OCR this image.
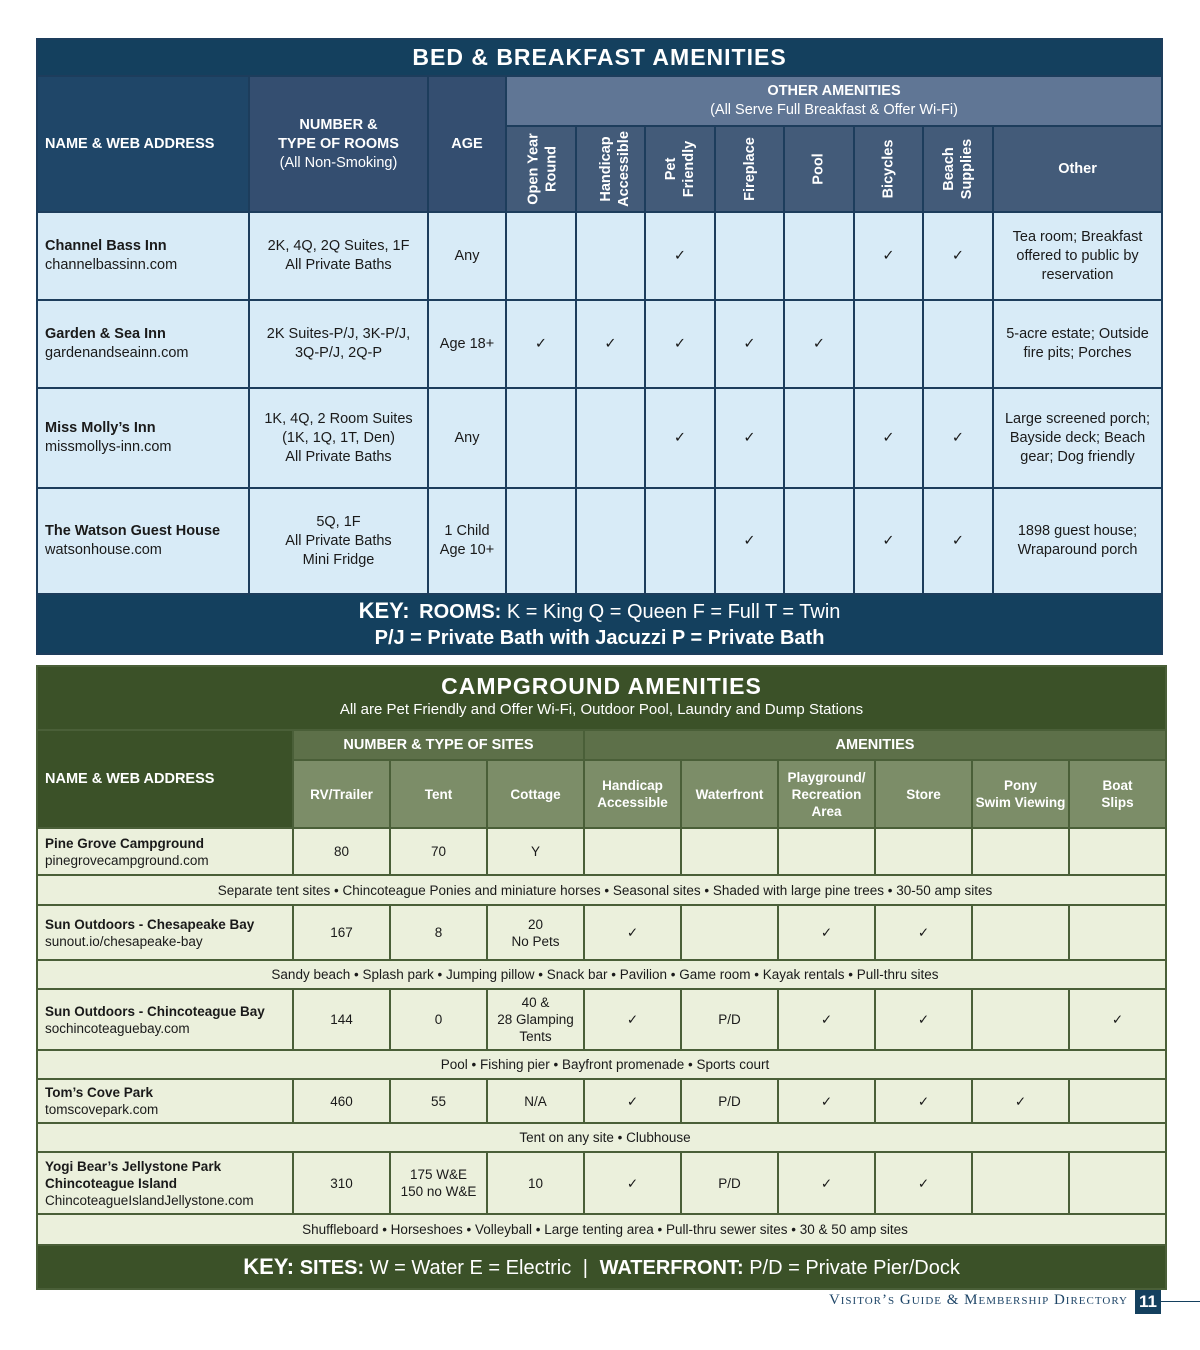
BED & BREAKFAST AMENITIES										
NAME & WEB ADDRESS	NUMBER &
TYPE OF ROOMS
(All Non-Smoking)	AGE	OTHER AMENITIES
(All Serve Full Breakfast & Offer Wi-Fi)							

			Open Year Round	Handicap Accessible	Pet Friendly	Fireplace	Pool	Bicycles	Beach Supplies	Other

Channel Bass Inn
channelbassinn.com	2K, 4Q, 2Q Suites, 1F
All Private Baths	Any			✓			✓	✓	Tea room; Breakfast
offered to public by
reservation

Garden & Sea Inn
gardenandseainn.com	2K Suites-P/J, 3K-P/J,
3Q-P/J, 2Q-P	Age 18+	✓	✓	✓	✓	✓			5-acre estate; Outside
fire pits; Porches

Miss Molly’s Inn
missmollys-inn.com	1K, 4Q, 2 Room Suites
(1K, 1Q, 1T, Den)
All Private Baths	Any			✓	✓		✓	✓	Large screened porch;
Bayside deck; Beach
gear; Dog friendly

The Watson Guest House
watsonhouse.com	5Q, 1F
All Private Baths
Mini Fridge	1 Child
Age 10+				✓		✓	✓	1898 guest house;
Wraparound porch

KEY: ROOMS: K = King Q = Queen F = Full T = Twin
P/J = Private Bath with Jacuzzi P = Private Bath										
CAMPGROUND AMENITIES
All are Pet Friendly and Offer Wi-Fi, Outdoor Pool, Laundry and Dump Stations									

NAME & WEB ADDRESS	NUMBER & TYPE OF SITES			AMENITIES					
	RV/Trailer	Tent	Cottage	Handicap
Accessible	Waterfront	Playground/
Recreation
Area	Store	Pony
Swim Viewing	Boat
Slips

Pine Grove Campground
pinegrovecampground.com	80	70	Y						
Separate tent sites • Chincoteague Ponies and miniature horses • Seasonal sites • Shaded with large pine trees • 30-50 amp sites									

Sun Outdoors - Chesapeake Bay
sunout.io/chesapeake-bay	167	8	20
No Pets	✓		✓	✓		
Sandy beach • Splash park • Jumping pillow • Snack bar • Pavilion • Game room • Kayak rentals • Pull-thru sites									

Sun Outdoors - Chincoteague Bay
sochincoteaguebay.com	144	0	40 &
28 Glamping
Tents	✓	P/D	✓	✓		✓
Pool • Fishing pier • Bayfront promenade • Sports court									

Tom’s Cove Park
tomscovepark.com	460	55	N/A	✓	P/D	✓	✓	✓	
Tent on any site • Clubhouse									

Yogi Bear’s Jellystone Park
Chincoteague Island
ChincoteagueIslandJellystone.com	310	175 W&E
150 no W&E	10	✓	P/D	✓	✓		
Shuffleboard • Horseshoes • Volleyball • Large tenting area • Pull-thru sewer sites • 30 & 50 amp sites									
KEY: SITES: W = Water E = Electric | WATERFRONT: P/D = Private Pier/Dock									
Visitor’s Guide & Membership Directory 11
